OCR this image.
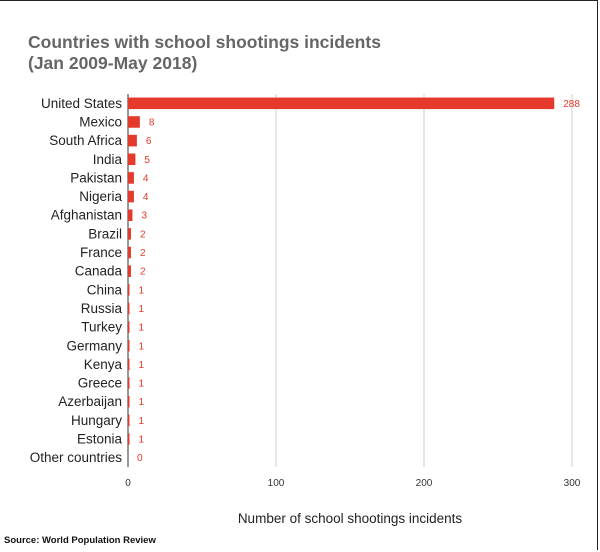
Countries with school shootings incidents
(Jan 2009-May 2018)
0	100	200	300
United States	288
Mexico	8
South Africa 6
India 5
Pakistan 4
Nigeria 4
Afghanistan 3
Brazil 2
France 2
Canada 2
China 1
Russia 1
Turkey 1
Germany 1
Kenya 1
Greece 1
Azerbaijan 1
Hungary 1
Estonia 1
Other countries 0
Number of school shootings incidents
Source: World Population Review
